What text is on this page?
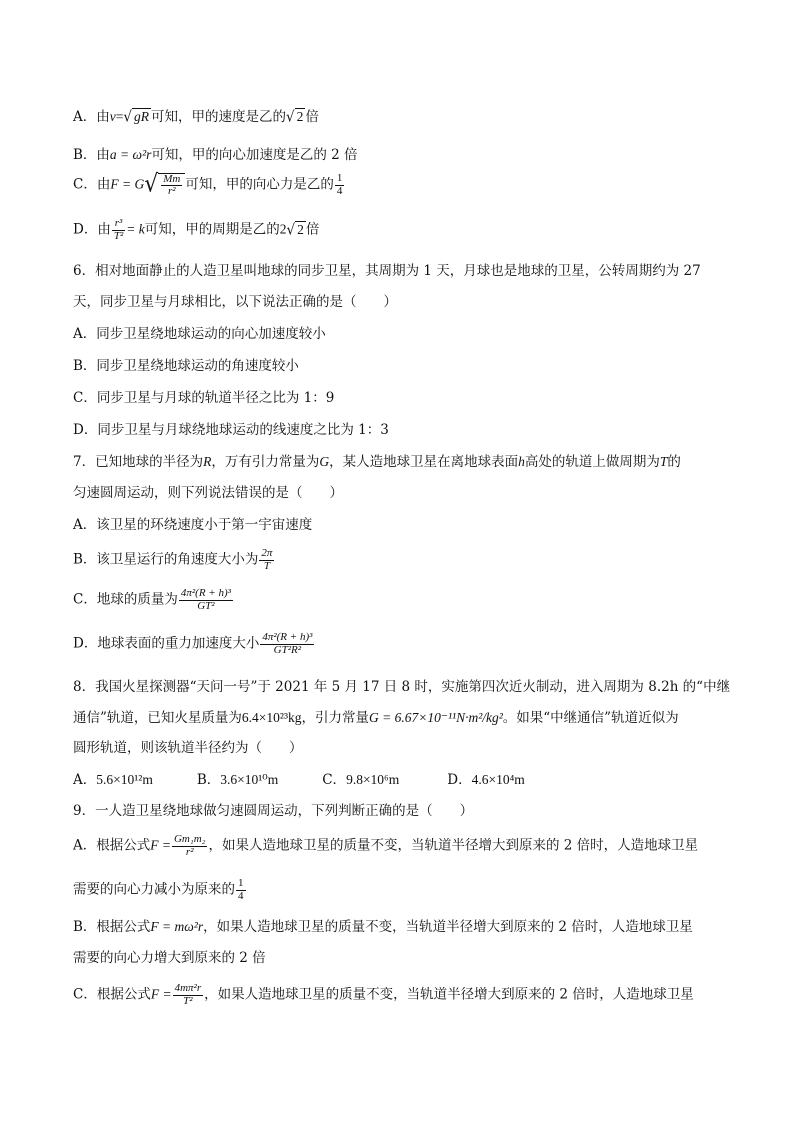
A．由v=√ gR 可知，甲的速度是乙的√ 2 倍
B．由a = ω²r可知，甲的向心加速度是乙的 2 倍
C．由$F = G√ \frac{Mm}{\text{r²}}$ 可知，甲的向心力是乙的 $\frac{1}{4}$
D．由 $\frac{\text{r³}}{\text{T²}} = k$可知，甲的周期是乙的2√ 2 倍
6．相对地面静止的人造卫星叫地球的同步卫星，其周期为 1 天，月球也是地球的卫星，公转周期约为 27
天，同步卫星与月球相比，以下说法正确的是（　　）
A．同步卫星绕地球运动的向心加速度较小
B．同步卫星绕地球运动的角速度较小
C．同步卫星与月球的轨道半径之比为 1：9
D．同步卫星与月球绕地球运动的线速度之比为 1：3
7．已知地球的半径为R，万有引力常量为G，某人造地球卫星在离地球表面h高处的轨道上做周期为T的
匀速圆周运动，则下列说法错误的是（　　）
A．该卫星的环绕速度小于第一宇宙速度
B．该卫星运行的角速度大小为 $\frac{2\pi}{T}$
C．地球的质量为 $\frac{\text{4π²(R + h)³}}{\text{GT²}}$
D．地球表面的重力加速度大小 $\frac{\text{4π²(R + h)³}}{\text{GT²R²}}$
8．我国火星探测器“天问一号”于 2021 年 5 月 17 日 8 时，实施第四次近火制动，进入周期为 8.2h 的“中继
通信”轨道，已知火星质量为6.4×10²³kg，引力常量G = 6.67×10⁻¹¹N·m²/kg²。如果“中继通信”轨道近似为
圆形轨道，则该轨道半径约为（　　）
A．5.6×10¹²m	B．3.6×10¹⁰m	C．9.8×10⁶m	D．4.6×10⁴m
9．一人造卫星绕地球做匀速圆周运动，下列判断正确的是（　　）
A．根据公式$F = \frac{\text{Gm₁m₂}}{\text{r²}}$ ，如果人造地球卫星的质量不变，当轨道半径增大到原来的 2 倍时，人造地球卫星
需要的向心力减小为原来的 $\frac{1}{4}$
B．根据公式F = mω²r，如果人造地球卫星的质量不变，当轨道半径增大到原来的 2 倍时，人造地球卫星
需要的向心力增大到原来的 2 倍
C．根据公式$F = \frac{\text{4mπ²r}}{\text{T²}}$ ，如果人造地球卫星的质量不变，当轨道半径增大到原来的 2 倍时，人造地球卫星
